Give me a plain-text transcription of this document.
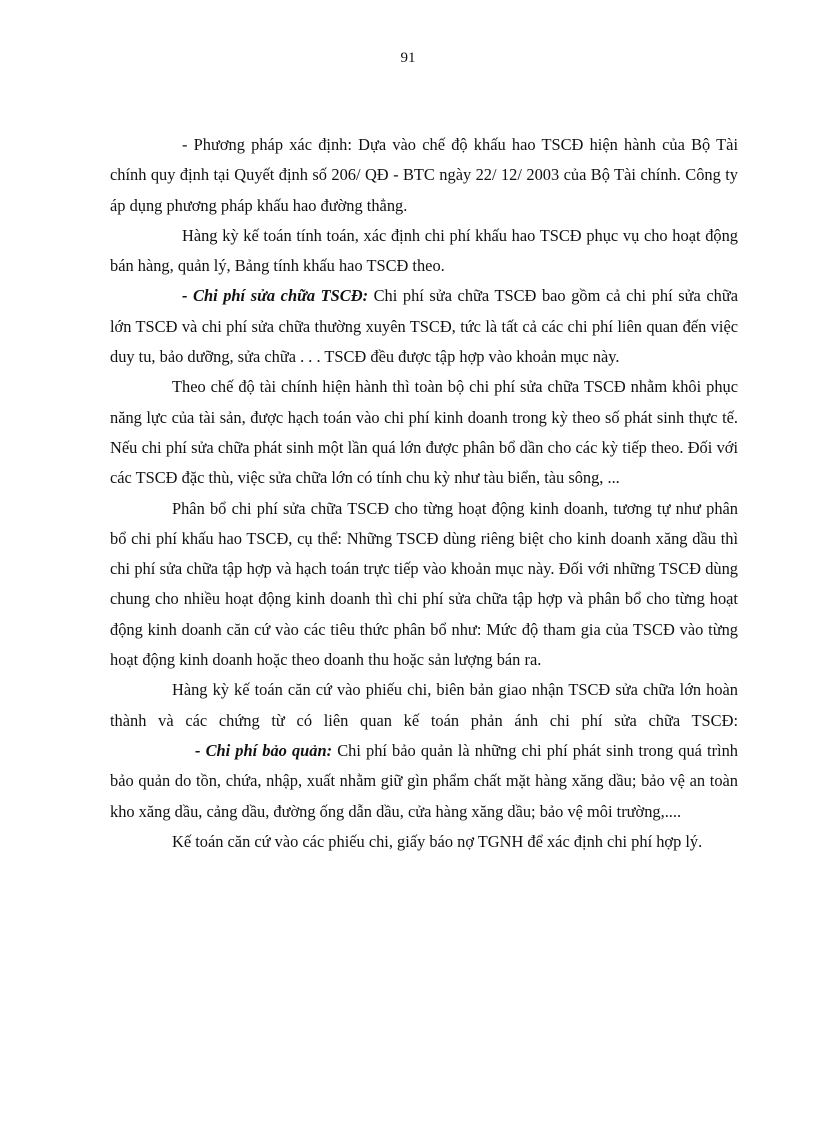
91

- Phương pháp xác định: Dựa vào chế độ khấu hao TSCĐ hiện hành của Bộ Tài chính quy định tại Quyết định số 206/ QĐ - BTC ngày 22/ 12/ 2003 của Bộ Tài chính. Công ty áp dụng phương pháp khấu hao đường thẳng.

Hàng kỳ kế toán tính toán, xác định chi phí khấu hao TSCĐ phục vụ cho hoạt động bán hàng, quản lý, Bảng tính khấu hao TSCĐ theo.

- Chi phí sửa chữa TSCĐ: Chi phí sửa chữa TSCĐ bao gồm cả chi phí sửa chữa lớn TSCĐ và chi phí sửa chữa thường xuyên TSCĐ, tức là tất cả các chi phí liên quan đến việc duy tu, bảo dưỡng, sửa chữa . . . TSCĐ đều được tập hợp vào khoản mục này.

Theo chế độ tài chính hiện hành thì toàn bộ chi phí sửa chữa TSCĐ nhằm khôi phục năng lực của tài sản, được hạch toán vào chi phí kinh doanh trong kỳ theo số phát sinh thực tế. Nếu chi phí sửa chữa phát sinh một lần quá lớn được phân bổ dần cho các kỳ tiếp theo. Đối với các TSCĐ đặc thù, việc sửa chữa lớn có tính chu kỳ như tàu biển, tàu sông, ...

Phân bổ chi phí sửa chữa TSCĐ cho từng hoạt động kinh doanh, tương tự như phân bổ chi phí khấu hao TSCĐ, cụ thể: Những TSCĐ dùng riêng biệt cho kinh doanh xăng dầu thì chi phí sửa chữa tập hợp và hạch toán trực tiếp vào khoản mục này. Đối với những TSCĐ dùng chung cho nhiều hoạt động kinh doanh thì chi phí sửa chữa tập hợp và phân bổ cho từng hoạt động kinh doanh căn cứ vào các tiêu thức phân bổ như: Mức độ tham gia của TSCĐ vào từng hoạt động kinh doanh hoặc theo doanh thu hoặc sản lượng bán ra.

Hàng kỳ kế toán căn cứ vào phiếu chi, biên bản giao nhận TSCĐ sửa chữa lớn hoàn thành và các chứng từ có liên quan kế toán phản ánh chi phí sửa chữa TSCĐ:

- Chi phí bảo quản: Chi phí bảo quản là những chi phí phát sinh trong quá trình bảo quản do tồn, chứa, nhập, xuất nhằm giữ gìn phẩm chất mặt hàng xăng dầu; bảo vệ an toàn kho xăng dầu, cảng dầu, đường ống dẫn dầu, cửa hàng xăng dầu; bảo vệ môi trường,....

Kế toán căn cứ vào các phiếu chi, giấy báo nợ TGNH để xác định chi phí hợp lý.
